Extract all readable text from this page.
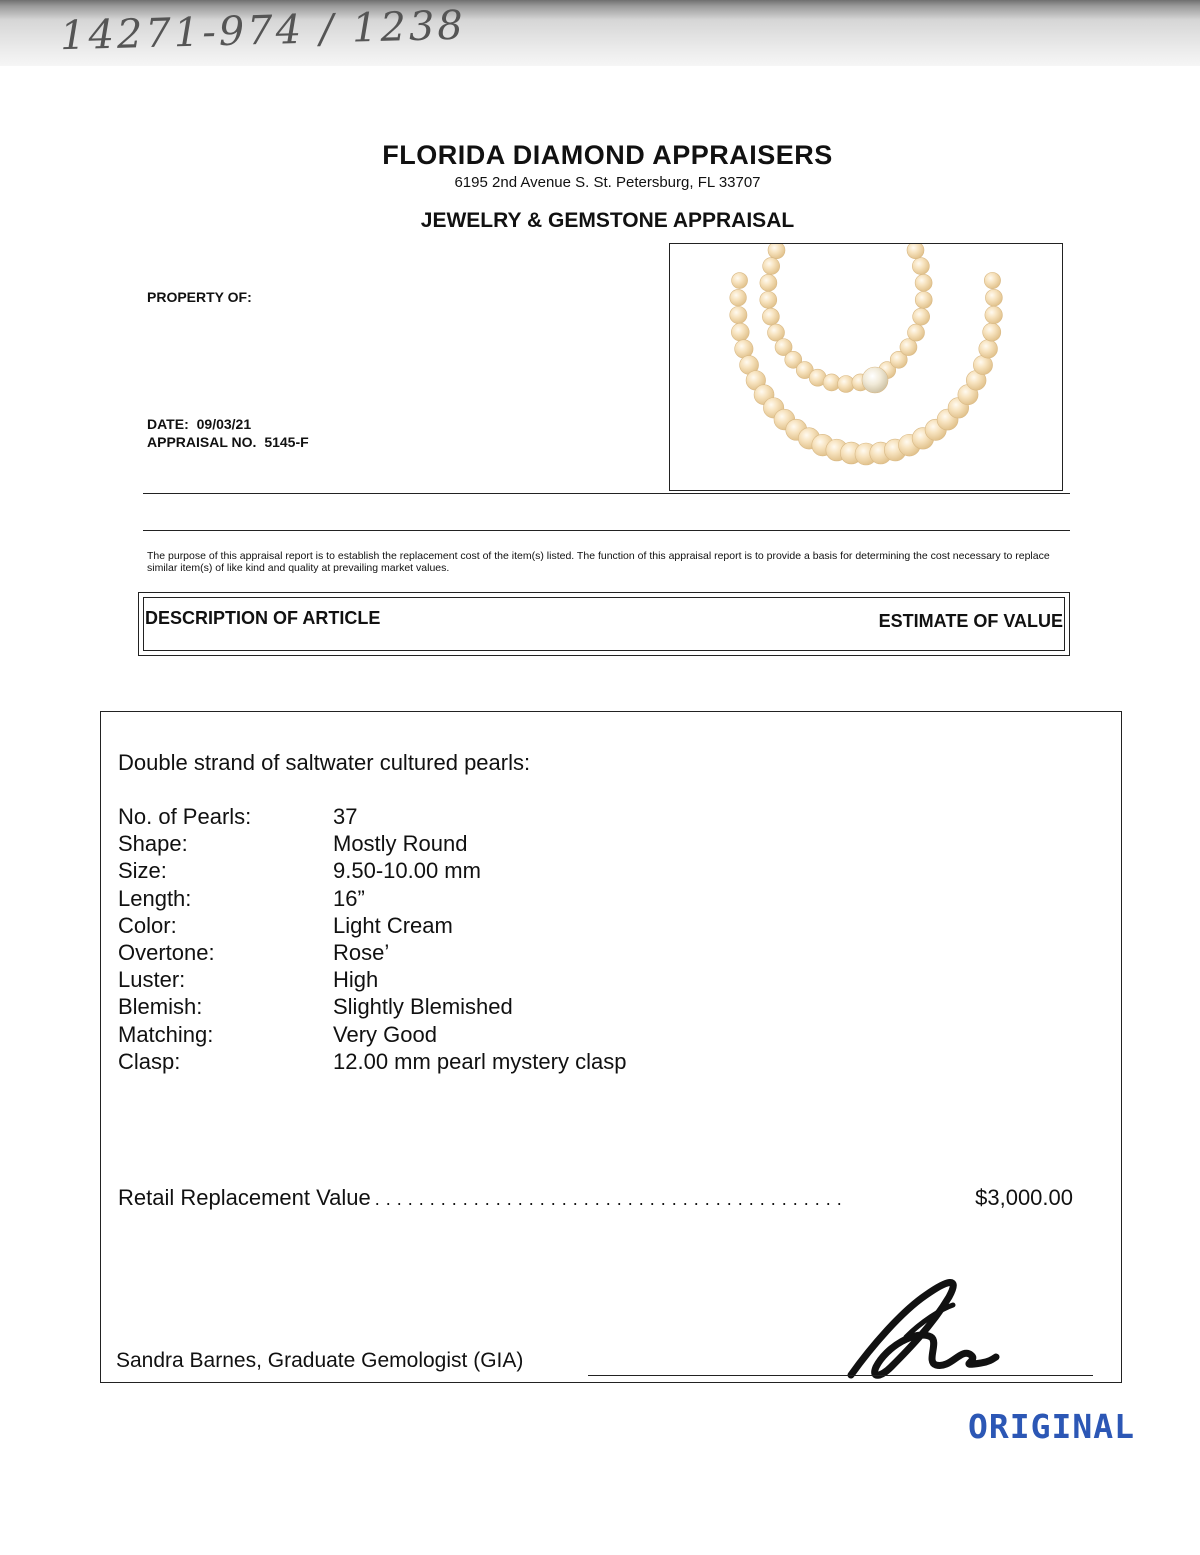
14271-974 / 1238
FLORIDA DIAMOND APPRAISERS
6195 2nd Avenue S. St. Petersburg, FL 33707
JEWELRY & GEMSTONE APPRAISAL
PROPERTY OF:
DATE: 09/03/21
APPRAISAL NO. 5145-F
The purpose of this appraisal report is to establish the replacement cost of the item(s) listed. The function of this appraisal report is to provide a basis for determining the cost necessary to replace similar item(s) of like kind and quality at prevailing market values.
DESCRIPTION OF ARTICLE	ESTIMATE OF VALUE
Double strand of saltwater cultured pearls:
No. of Pearls:	37
Shape:	Mostly Round
Size:	9.50-10.00 mm
Length:	16”
Color:	Light Cream
Overtone:	Rose’
Luster:	High
Blemish:	Slightly Blemished
Matching:	Very Good
Clasp:	12.00 mm pearl mystery clasp
Retail Replacement Value ...........................................	$3,000.00
Sandra Barnes, Graduate Gemologist (GIA)
ORIGINAL
